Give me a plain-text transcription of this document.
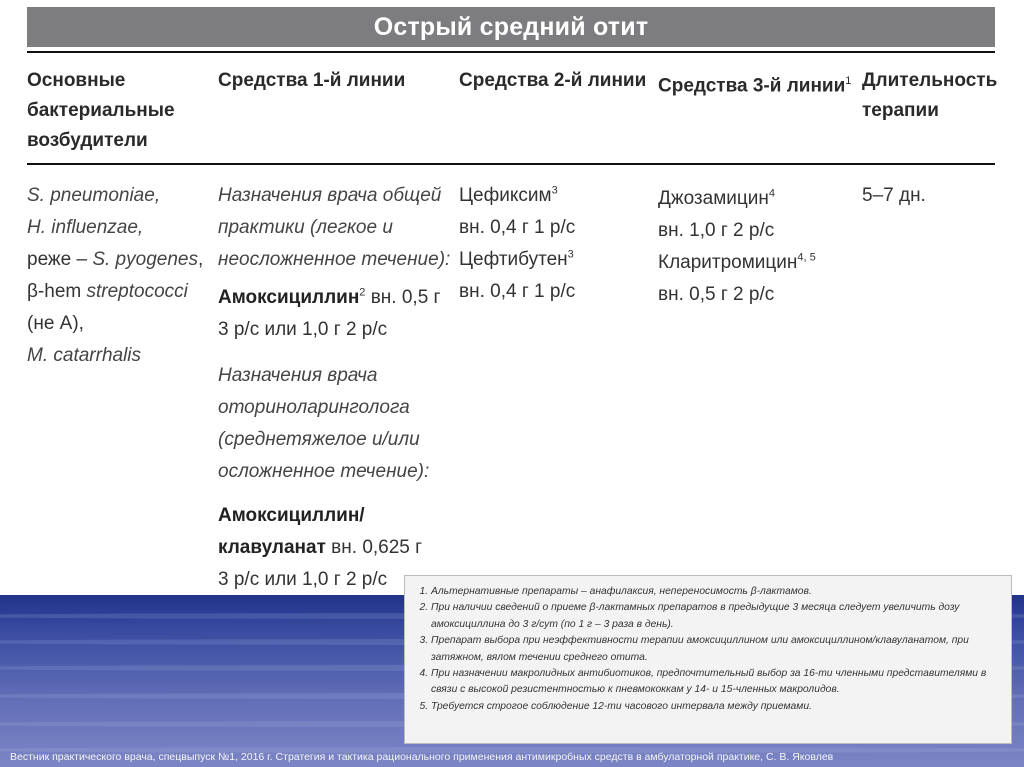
Острый средний отит
Основные
бактериальные
возбудители
Средства 1-й линии	Средства 2-й линии Средства 3-й линии$^1$ Длительность
терапии
S. pneumoniae,
H. influenzae,
реже – S. pyogenes,
β-hem streptococci
(не А),
M. catarrhalis
Назначения врача общей
практики (легкое и
неосложненное течение):
Амоксициллин$^2$ вн. 0,5 г
3 р/с или 1,0 г 2 р/с
Назначения врача
оториноларинголога
(среднетяжелое и/или
осложненное течение):
Амоксициллин/
клавуланат вн. 0,625 г
3 р/с или 1,0 г 2 р/с
Цефиксим$^3$
вн. 0,4 г 1 р/с
Цефтибутен$^3$
вн. 0,4 г 1 р/с
Джозамицин$^4$
вн. 1,0 г 2 р/с
Кларитромицин$^{4, 5}$
вн. 0,5 г 2 р/с
5–7 дн.
1. Альтернативные препараты – анафилаксия, непереносимость β-лактамов.
2. При наличии сведений о приеме β-лактамных препаратов в предыдущие 3 месяца следует увеличить дозу амоксициллина до 3 г/сут (по 1 г – 3 раза в день).
3. Препарат выбора при неэффективности терапии амоксициллином или амоксициллином/клавуланатом, при затяжном, вялом течении среднего отита.
4. При назначении макролидных антибиотиков, предпочтительный выбор за 16-ти членными представителями в связи с высокой резистентностью к пневмококкам у 14- и 15-членных макролидов.
5. Требуется строгое соблюдение 12-ти часового интервала между приемами.
Вестник практического врача, спецвыпуск №1, 2016 г. Стратегия и тактика рационального применения антимикробных средств в амбулаторной практике, С. В. Яковлев
